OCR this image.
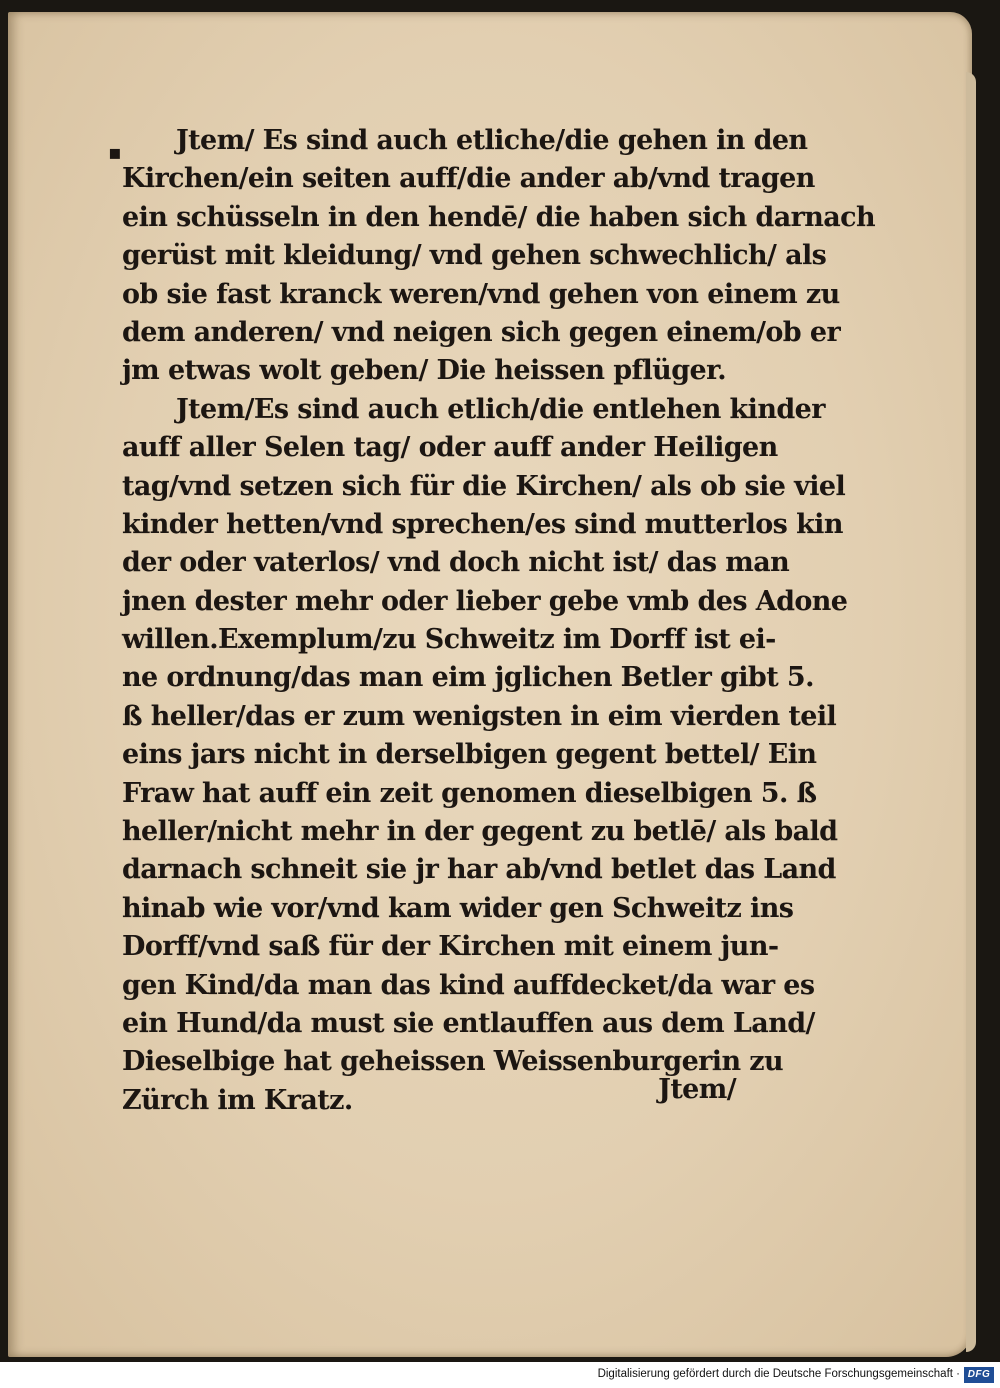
▪	Jtem/ Es sind auch etliche/die gehen in den
Kirchen/ein seiten auff/die ander ab/vnd tragen
ein schüsseln in den hendē/ die haben sich darnach
gerüst mit kleidung/ vnd gehen schwechlich/ als
ob sie fast kranck weren/vnd gehen von einem zu
dem anderen/ vnd neigen sich gegen einem/ob er
jm etwas wolt geben/ Die heissen pflüger.
Jtem/Es sind auch etlich/die entlehen kinder
auff aller Selen tag/ oder auff ander Heiligen
tag/vnd setzen sich für die Kirchen/ als ob sie viel
kinder hetten/vnd sprechen/es sind mutterlos kin
der oder vaterlos/ vnd doch nicht ist/ das man
jnen dester mehr oder lieber gebe vmb des Adone
willen.Exemplum/zu Schweitz im Dorff ist ei-
ne ordnung/das man eim jglichen Betler gibt 5.
ß heller/das er zum wenigsten in eim vierden teil
eins jars nicht in derselbigen gegent bettel/ Ein
Fraw hat auff ein zeit genomen dieselbigen 5. ß
heller/nicht mehr in der gegent zu betlē/ als bald
darnach schneit sie jr har ab/vnd betlet das Land
hinab wie vor/vnd kam wider gen Schweitz ins
Dorff/vnd saß für der Kirchen mit einem jun-
gen Kind/da man das kind auffdecket/da war es
ein Hund/da must sie entlauffen aus dem Land/
Dieselbige hat geheissen Weissenburgerin zu
Zürch im Kratz.	Jtem/
Digitalisierung gefördert durch die Deutsche Forschungsgemeinschaft · DFG
